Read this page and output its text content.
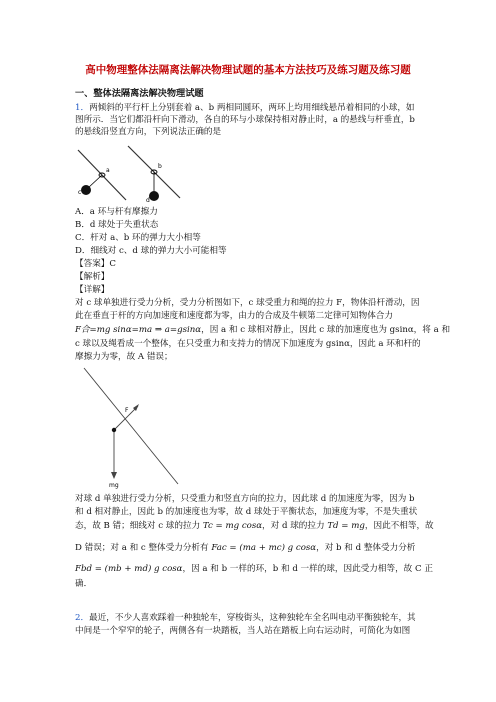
高中物理整体法隔离法解决物理试题的基本方法技巧及练习题及练习题
一、整体法隔离法解决物理试题
1．两倾斜的平行杆上分别套着 a、b 两相同圆环，两环上均用细线悬吊着相同的小球，如
图所示．当它们都沿杆向下滑动，各自的环与小球保持相对静止时，a 的悬线与杆垂直，b
的悬线沿竖直方向，下列说法正确的是
a
b
c
d
A．a 环与杆有摩擦力
B．d 球处于失重状态
C．杆对 a、b 环的弹力大小相等
D．细线对 c、d 球的弹力大小可能相等
【答案】C
【解析】
【详解】
对 c 球单独进行受力分析，受力分析图如下，c 球受重力和绳的拉力 F，物体沿杆滑动，因
此在垂直于杆的方向加速度和速度都为零，由力的合成及牛顿第二定律可知物体合力
F合=mg sinα=ma ⇒ a=gsinα，因 a 和 c 球相对静止，因此 c 球的加速度也为 gsinα，将 a 和
c 球以及绳看成一个整体，在只受重力和支持力的情况下加速度为 gsinα，因此 a 环和杆的
摩擦力为零，故 A 错误；
F
mg
对球 d 单独进行受力分析，只受重力和竖直方向的拉力，因此球 d 的加速度为零，因为 b
和 d 相对静止，因此 b 的加速度也为零，故 d 球处于平衡状态，加速度为零，不是失重状
态，故 B 错；细线对 c 球的拉力 Tc = mg cosα，对 d 球的拉力 Td = mg，因此不相等，故
D 错误；对 a 和 c 整体受力分析有 Fac = (ma + mc) g cosα，对 b 和 d 整体受力分析
Fbd = (mb + md) g cosα，因 a 和 b 一样的环，b 和 d 一样的球，因此受力相等，故 C 正
确．
2．最近，不少人喜欢踩着一种独轮车，穿梭街头，这种独轮车全名叫电动平衡独轮车，其
中间是一个窄窄的轮子，两侧各有一块踏板，当人站在踏板上向右运动时，可简化为如图
